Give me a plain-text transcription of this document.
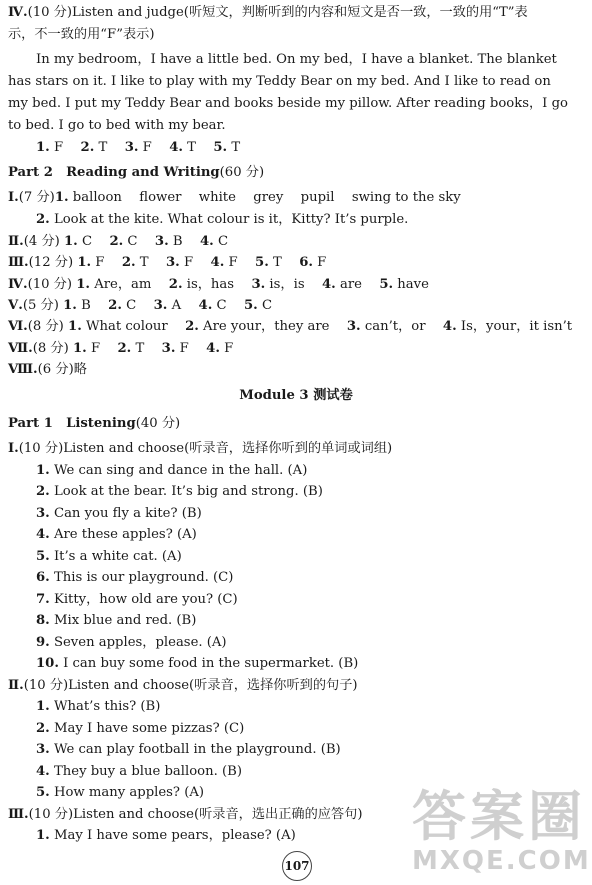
Ⅳ.(10 分)Listen and judge(听短文，判断听到的内容和短文是否一致，一致的用“T”表
示，不一致的用“F”表示)
In my bedroom，I have a little bed. On my bed，I have a blanket. The blanket
has stars on it. I like to play with my Teddy Bear on my bed. And I like to read on
my bed. I put my Teddy Bear and books beside my pillow. After reading books，I go
to bed. I go to bed with my bear.
1. F　 2. T　 3. F　 4. T　 5. T
Part 2　Reading and Writing(60 分)
Ⅰ.(7 分)1. balloon　 flower　 white　 grey　 pupil　 swing to the sky
2. Look at the kite. What colour is it，Kitty? It’s purple.
Ⅱ.(4 分) 1. C　 2. C　 3. B　 4. C
Ⅲ.(12 分) 1. F　 2. T　 3. F　 4. F　 5. T　 6. F
Ⅳ.(10 分) 1. Are，am　 2. is，has　 3. is，is　 4. are　 5. have
Ⅴ.(5 分) 1. B　 2. C　 3. A　 4. C　 5. C
Ⅵ.(8 分) 1. What colour　 2. Are your，they are　 3. can’t，or　 4. Is，your，it isn’t
Ⅶ.(8 分) 1. F　 2. T　 3. F　 4. F
Ⅷ.(6 分)略
Module 3 测试卷
Part 1　Listening(40 分)
Ⅰ.(10 分)Listen and choose(听录音，选择你听到的单词或词组)
1. We can sing and dance in the hall. (A)
2. Look at the bear. It’s big and strong. (B)
3. Can you fly a kite? (B)
4. Are these apples? (A)
5. It’s a white cat. (A)
6. This is our playground. (C)
7. Kitty，how old are you? (C)
8. Mix blue and red. (B)
9. Seven apples，please. (A)
10. I can buy some food in the supermarket. (B)
Ⅱ.(10 分)Listen and choose(听录音，选择你听到的句子)
1. What’s this? (B)
2. May I have some pizzas? (C)
3. We can play football in the playground. (B)
4. They buy a blue balloon. (B)
5. How many apples? (A)
Ⅲ.(10 分)Listen and choose(听录音，选出正确的应答句)
1. May I have some pears，please? (A)
107
答案圈
MXQE.COM
